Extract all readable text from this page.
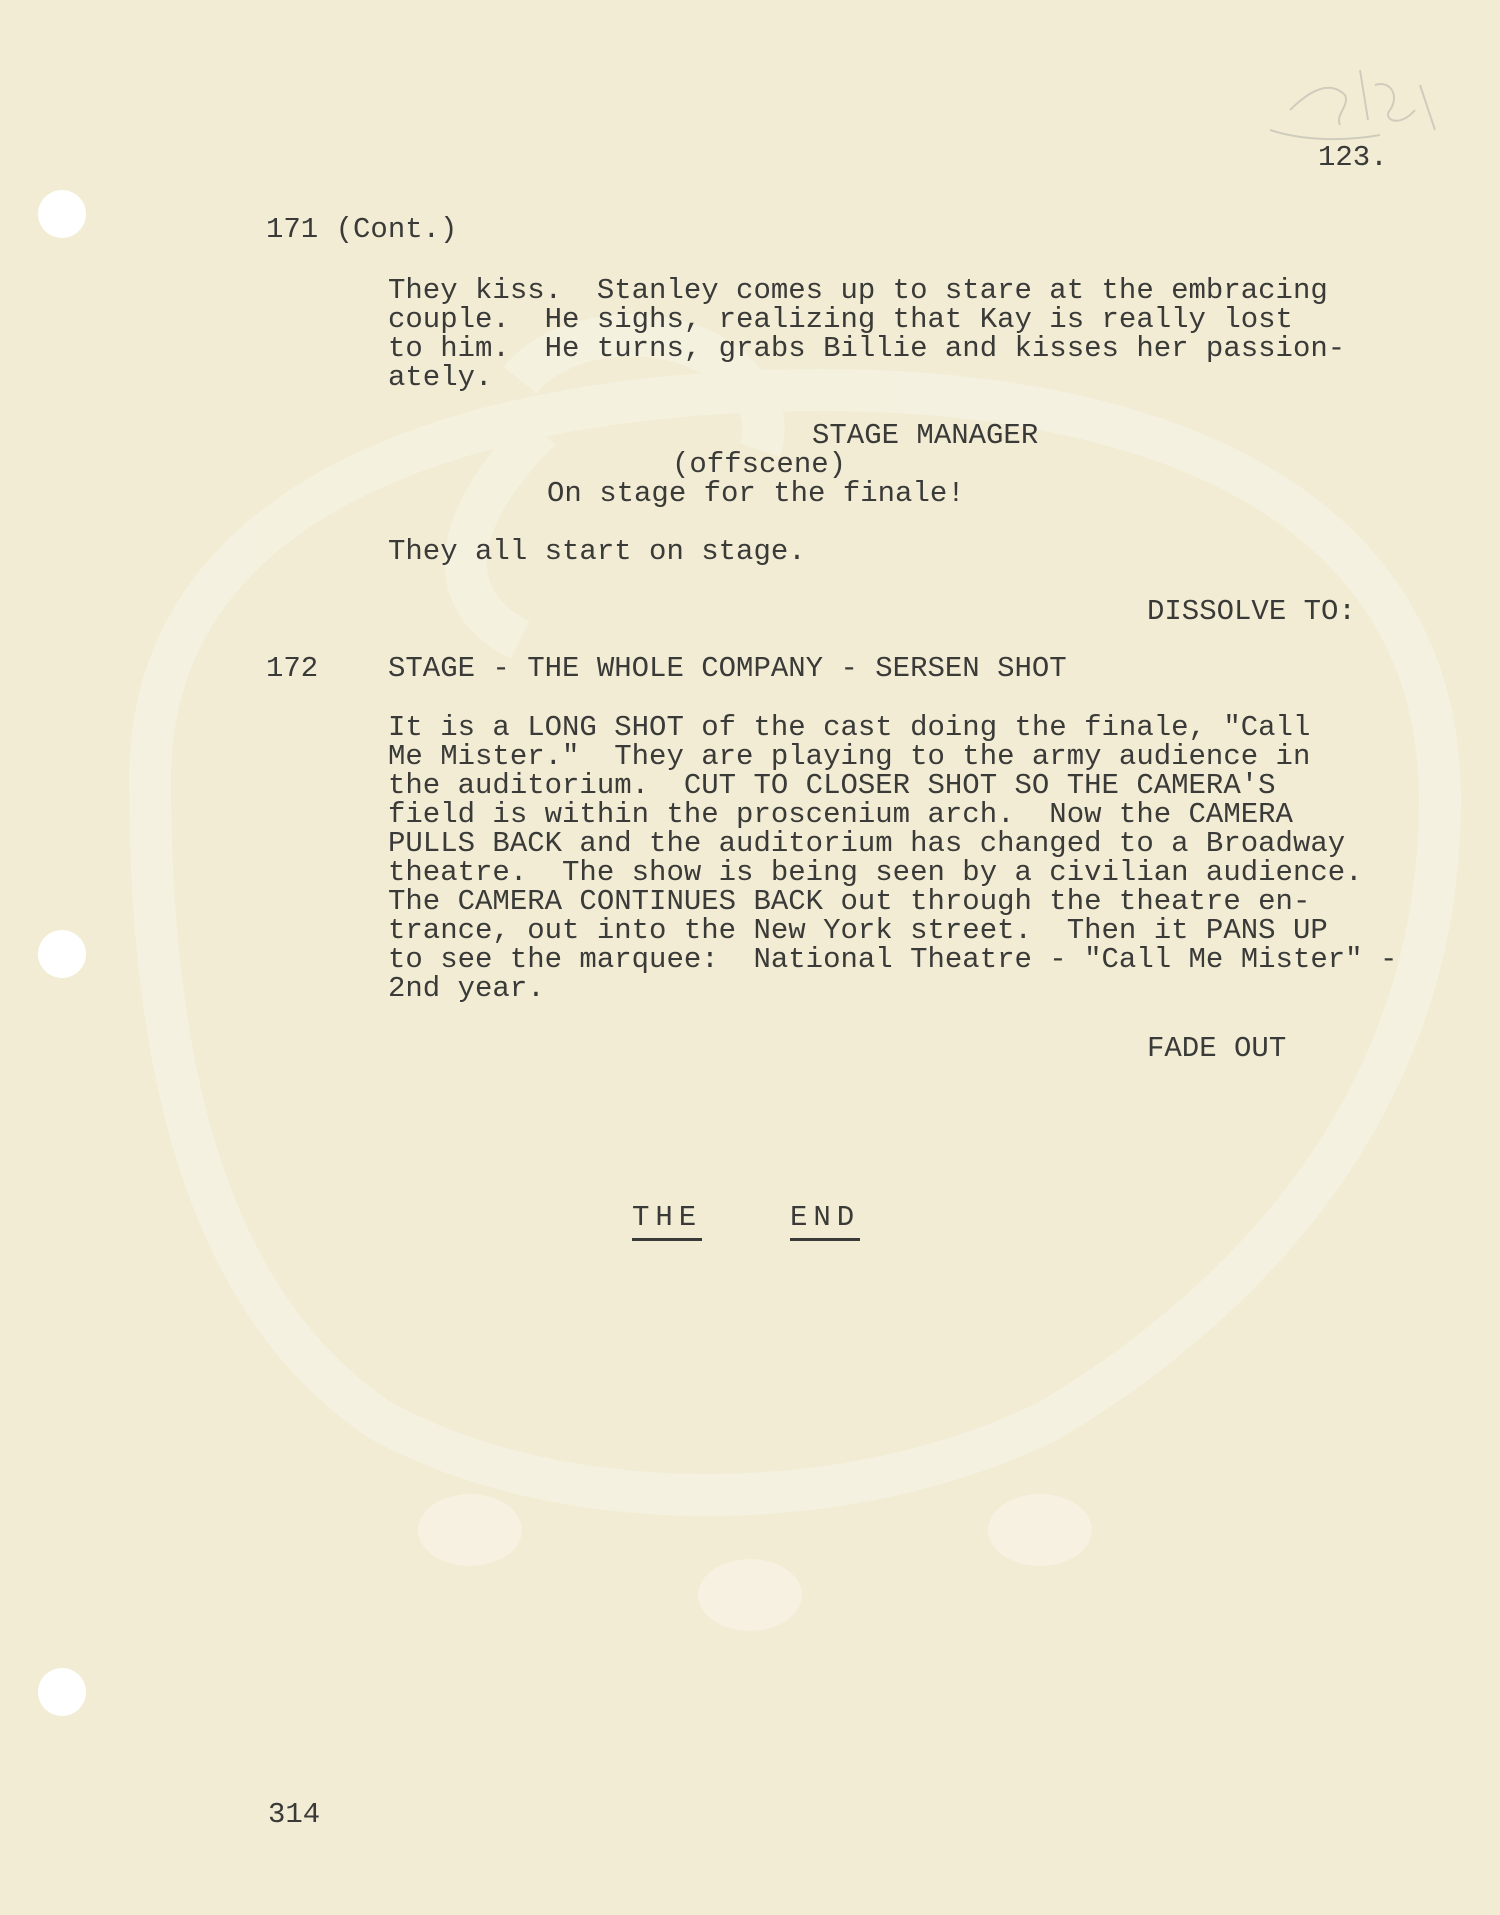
123.
171 (Cont.)
They kiss.  Stanley comes up to stare at the embracing
couple.  He sighs, realizing that Kay is really lost
to him.  He turns, grabs Billie and kisses her passion-
ately.
STAGE MANAGER
(offscene)
On stage for the finale!
They all start on stage.
DISSOLVE TO:
172 STAGE - THE WHOLE COMPANY - SERSEN SHOT
It is a LONG SHOT of the cast doing the finale, "Call
Me Mister."  They are playing to the army audience in
the auditorium.  CUT TO CLOSER SHOT SO THE CAMERA'S
field is within the proscenium arch.  Now the CAMERA
PULLS BACK and the auditorium has changed to a Broadway
theatre.  The show is being seen by a civilian audience.
The CAMERA CONTINUES BACK out through the theatre en-
trance, out into the New York street.  Then it PANS UP
to see the marquee:  National Theatre - "Call Me Mister" -
2nd year.
FADE OUT
THE	END
314
